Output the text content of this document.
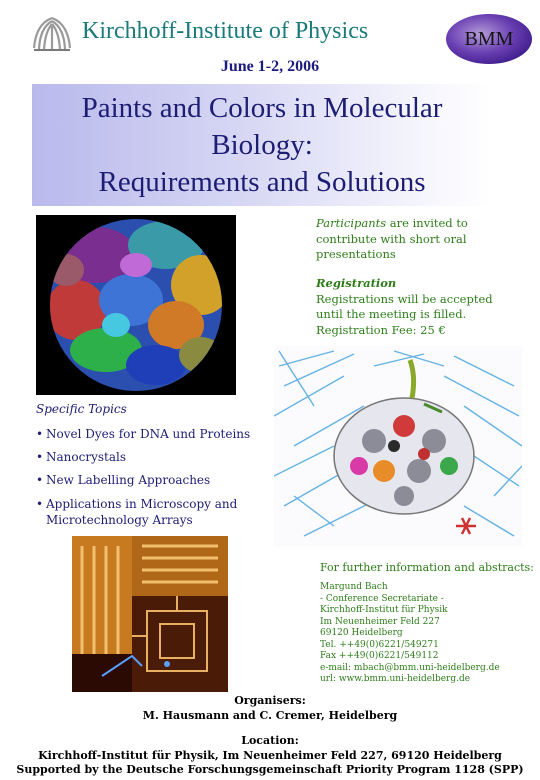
Kirchhoff-Institute of Physics	BMM
June 1-2, 2006
Paints and Colors in Molecular
Biology:
Requirements and Solutions
Participants are invited to contribute with short oral presentations
Registration
Registrations will be accepted until the meeting is filled.
Registration Fee: 25 €
Specific Topics
• Novel Dyes for DNA und Proteins
• Nanocrystals
• New Labelling Approaches
• Applications in Microscopy and Microtechnology Arrays
For further information and abstracts:
Margund Bach
- Conference Secretariate -
Kirchhoff-Institut für Physik
Im Neuenheimer Feld 227
69120 Heidelberg
Tel. ++49(0)6221/549271
Fax ++49(0)6221/549112
e-mail: mbach@bmm.uni-heidelberg.de
url: www.bmm.uni-heidelberg.de
Organisers:
M. Hausmann and C. Cremer, Heidelberg
Location:
Kirchhoff-Institut für Physik, Im Neuenheimer Feld 227, 69120 Heidelberg
Supported by the Deutsche Forschungsgemeinschaft Priority Program 1128 (SPP)
